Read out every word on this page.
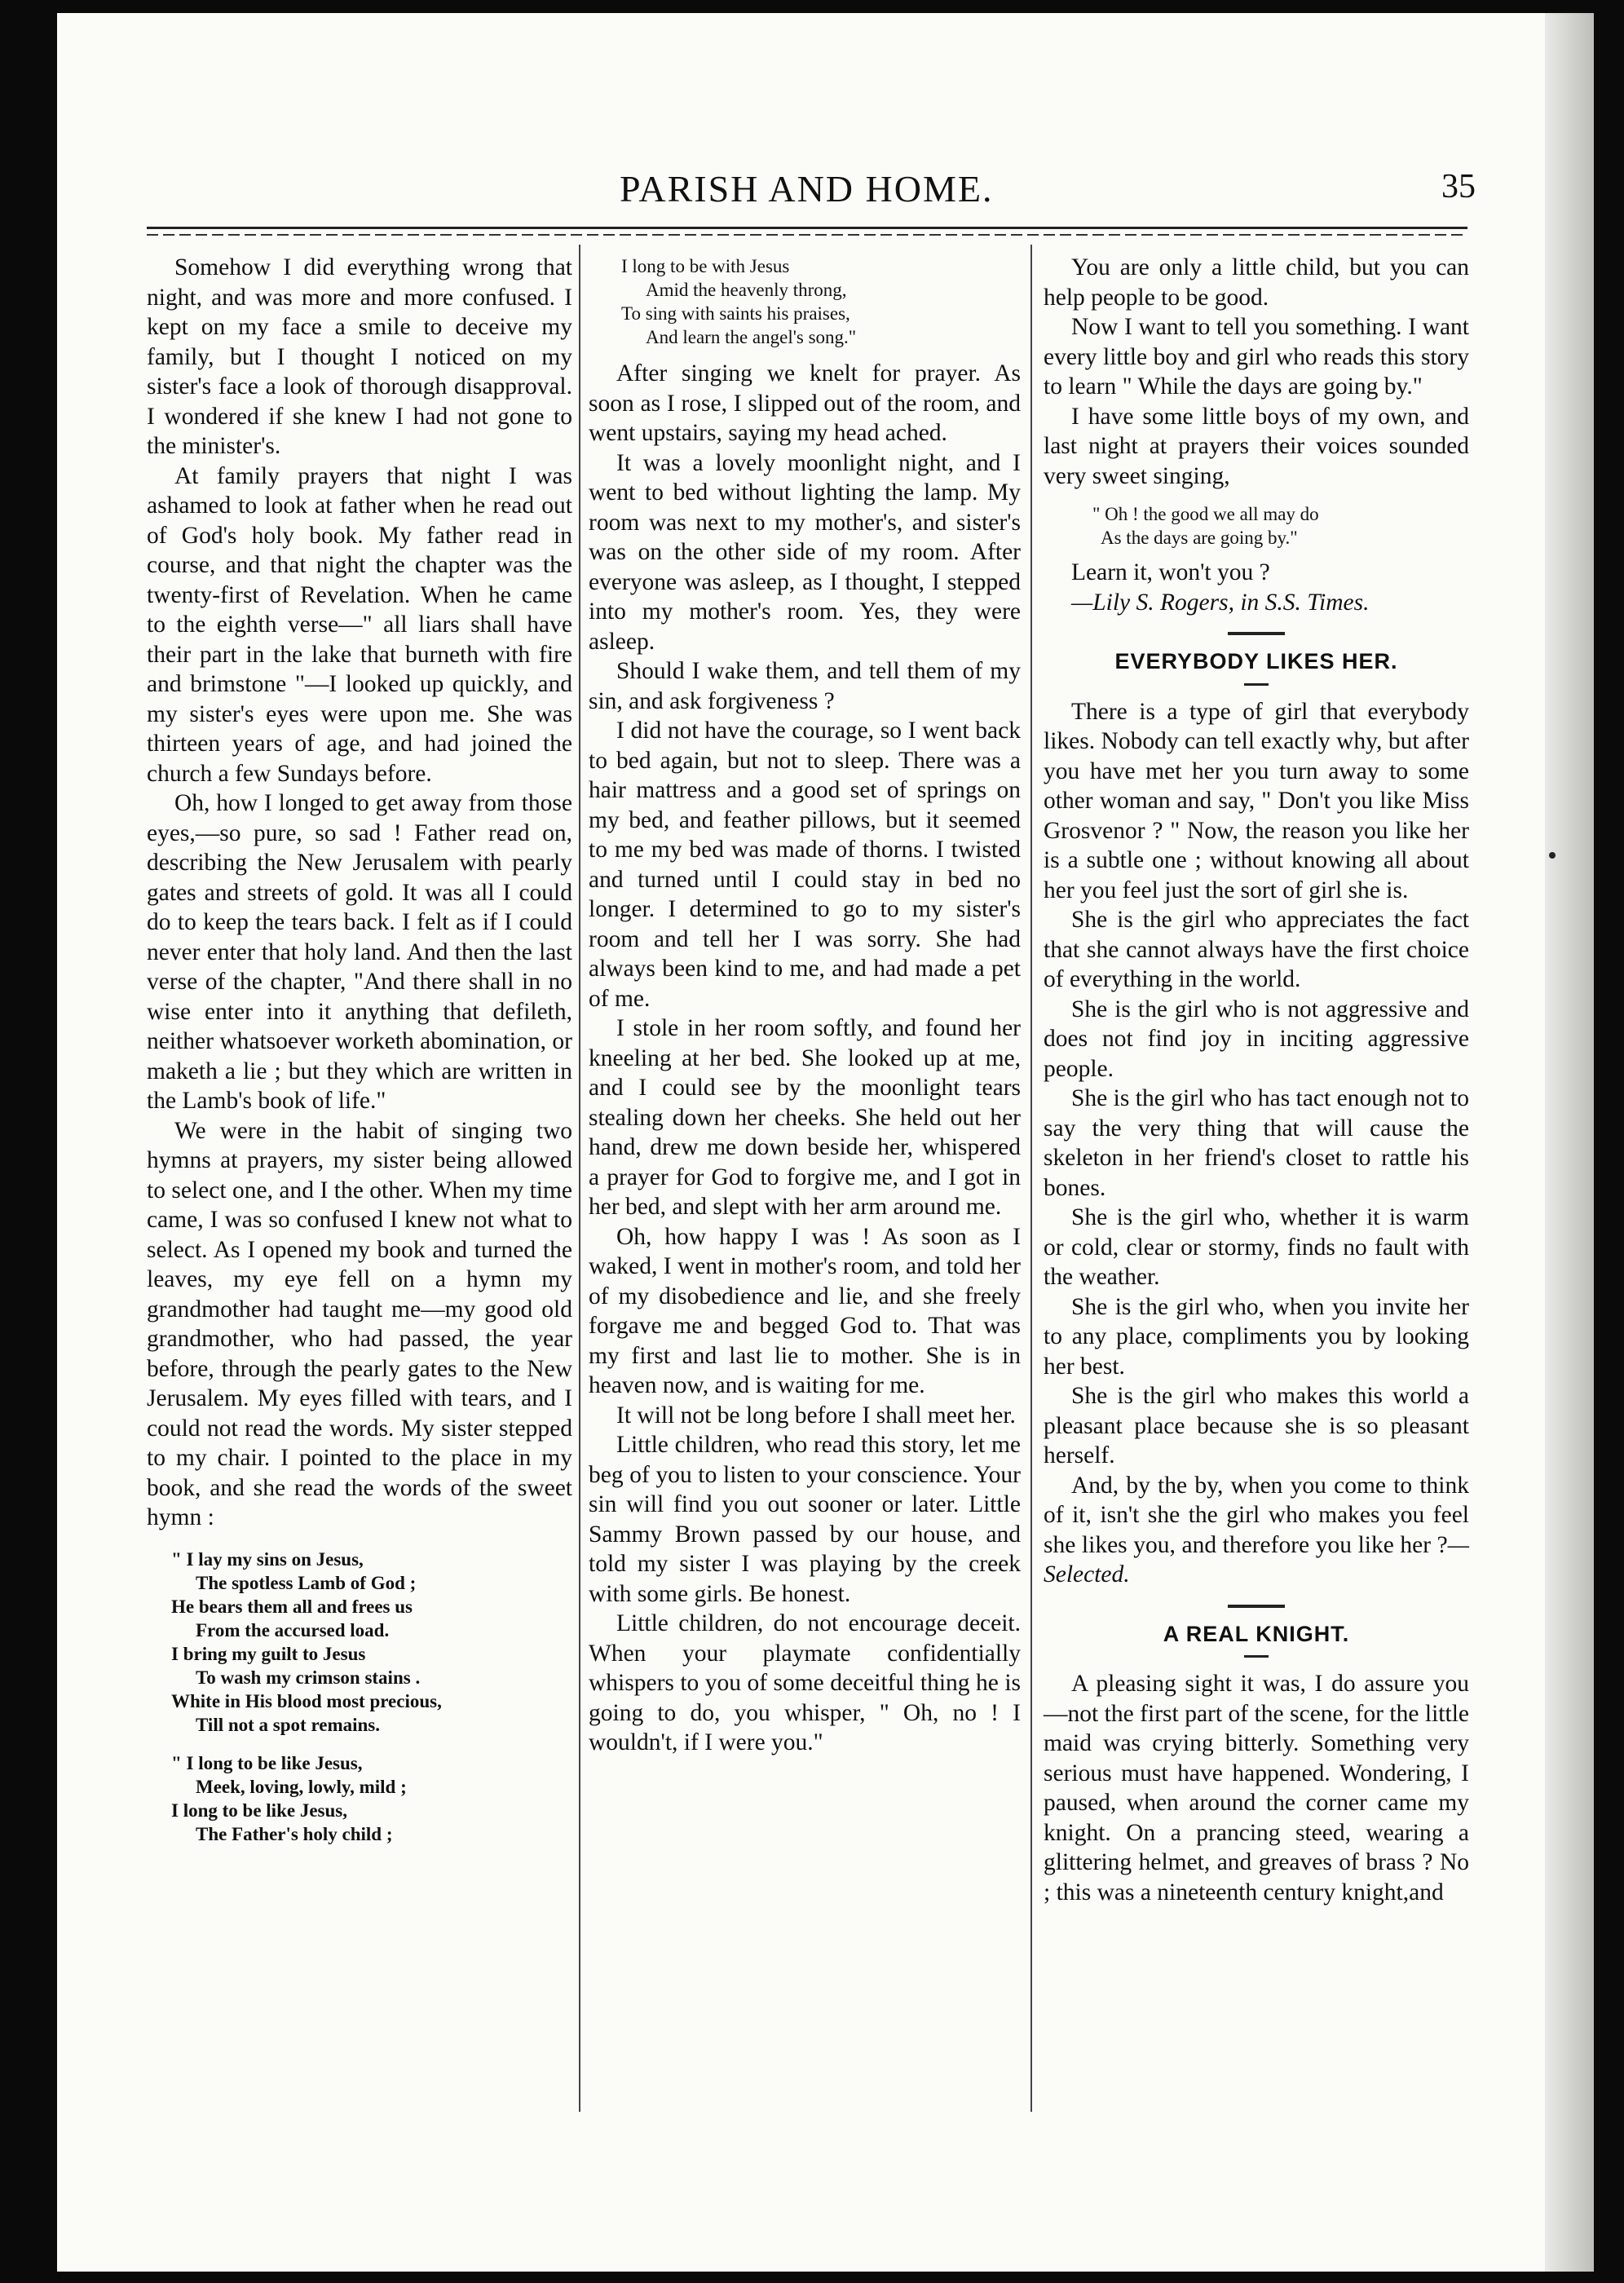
PARISH AND HOME.	35

Somehow I did everything wrong that night, and was more and more confused. I kept on my face a smile to deceive my family, but I thought I noticed on my sister's face a look of thorough disapproval. I wondered if she knew I had not gone to the minister's.

At family prayers that night I was ashamed to look at father when he read out of God's holy book. My father read in course, and that night the chapter was the twenty-first of Revelation. When he came to the eighth verse—" all liars shall have their part in the lake that burneth with fire and brimstone "—I looked up quickly, and my sister's eyes were upon me. She was thirteen years of age, and had joined the church a few Sundays before.

Oh, how I longed to get away from those eyes,—so pure, so sad ! Father read on, describing the New Jerusalem with pearly gates and streets of gold. It was all I could do to keep the tears back. I felt as if I could never enter that holy land. And then the last verse of the chapter, "And there shall in no wise enter into it anything that defileth, neither whatsoever worketh abomination, or maketh a lie ; but they which are written in the Lamb's book of life."

We were in the habit of singing two hymns at prayers, my sister being allowed to select one, and I the other. When my time came, I was so confused I knew not what to select. As I opened my book and turned the leaves, my eye fell on a hymn my grandmother had taught me—my good old grandmother, who had passed, the year before, through the pearly gates to the New Jerusalem. My eyes filled with tears, and I could not read the words. My sister stepped to my chair. I pointed to the place in my book, and she read the words of the sweet hymn :

" I lay my sins on Jesus,
The spotless Lamb of God ;
He bears them all and frees us
From the accursed load.
I bring my guilt to Jesus
To wash my crimson stains .
White in His blood most precious,
Till not a spot remains.
" I long to be like Jesus,
Meek, loving, lowly, mild ;
I long to be like Jesus,
The Father's holy child ;
I long to be with Jesus
Amid the heavenly throng,
To sing with saints his praises,
And learn the angel's song."

After singing we knelt for prayer. As soon as I rose, I slipped out of the room, and went upstairs, saying my head ached.

It was a lovely moonlight night, and I went to bed without lighting the lamp. My room was next to my mother's, and sister's was on the other side of my room. After everyone was asleep, as I thought, I stepped into my mother's room. Yes, they were asleep.

Should I wake them, and tell them of my sin, and ask forgiveness ?

I did not have the courage, so I went back to bed again, but not to sleep. There was a hair mattress and a good set of springs on my bed, and feather pillows, but it seemed to me my bed was made of thorns. I twisted and turned until I could stay in bed no longer. I determined to go to my sister's room and tell her I was sorry. She had always been kind to me, and had made a pet of me.

I stole in her room softly, and found her kneeling at her bed. She looked up at me, and I could see by the moonlight tears stealing down her cheeks. She held out her hand, drew me down beside her, whispered a prayer for God to forgive me, and I got in her bed, and slept with her arm around me.

Oh, how happy I was ! As soon as I waked, I went in mother's room, and told her of my disobedience and lie, and she freely forgave me and begged God to. That was my first and last lie to mother. She is in heaven now, and is waiting for me.

It will not be long before I shall meet her.

Little children, who read this story, let me beg of you to listen to your conscience. Your sin will find you out sooner or later. Little Sammy Brown passed by our house, and told my sister I was playing by the creek with some girls. Be honest.

Little children, do not encourage deceit. When your playmate confidentially whispers to you of some deceitful thing he is going to do, you whisper, " Oh, no ! I wouldn't, if I were you."

You are only a little child, but you can help people to be good.

Now I want to tell you something. I want every little boy and girl who reads this story to learn " While the days are going by."

I have some little boys of my own, and last night at prayers their voices sounded very sweet singing,

" Oh ! the good we all may do
As the days are going by."

Learn it, won't you ?

—Lily S. Rogers, in S.S. Times.

EVERYBODY LIKES HER.

There is a type of girl that everybody likes. Nobody can tell exactly why, but after you have met her you turn away to some other woman and say, " Don't you like Miss Grosvenor ? " Now, the reason you like her is a subtle one ; without knowing all about her you feel just the sort of girl she is.

She is the girl who appreciates the fact that she cannot always have the first choice of everything in the world.

She is the girl who is not aggressive and does not find joy in inciting aggressive people.

She is the girl who has tact enough not to say the very thing that will cause the skeleton in her friend's closet to rattle his bones.

She is the girl who, whether it is warm or cold, clear or stormy, finds no fault with the weather.

She is the girl who, when you invite her to any place, compliments you by looking her best.

She is the girl who makes this world a pleasant place because she is so pleasant herself.

And, by the by, when you come to think of it, isn't she the girl who makes you feel she likes you, and therefore you like her ?—Selected.

A REAL KNIGHT.

A pleasing sight it was, I do assure you—not the first part of the scene, for the little maid was crying bitterly. Something very serious must have happened. Wondering, I paused, when around the corner came my knight. On a prancing steed, wearing a glittering helmet, and greaves of brass ? No ; this was a nineteenth century knight,and
